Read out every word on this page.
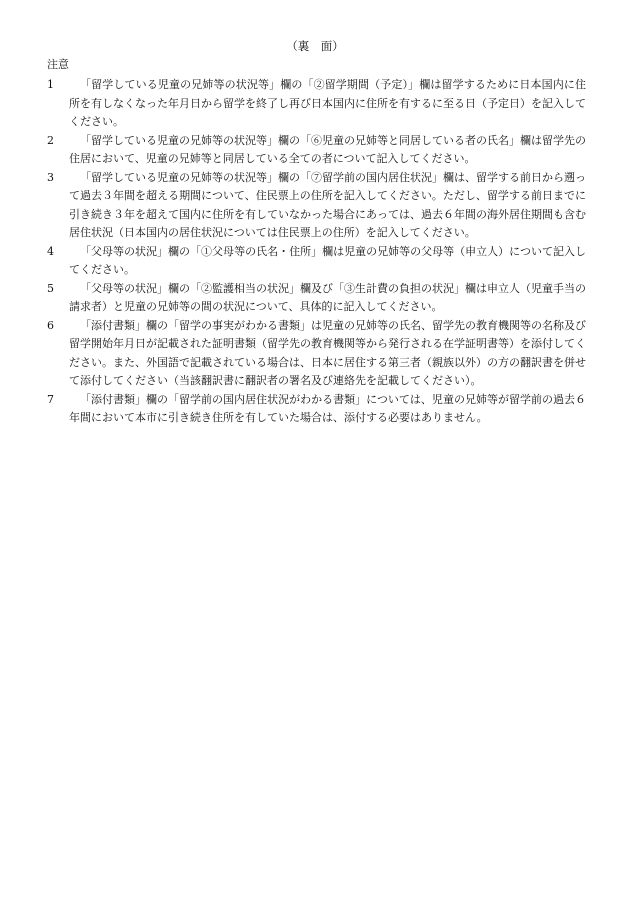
（裏　面）
注意
1	「留学している児童の兄姉等の状況等」欄の「②留学期間（予定）」欄は留学するために日本国内に住所を有しなくなった年月日から留学を終了し再び日本国内に住所を有するに至る日（予定日）を記入してください。
2	「留学している児童の兄姉等の状況等」欄の「⑥児童の兄姉等と同居している者の氏名」欄は留学先の住居において、児童の兄姉等と同居している全ての者について記入してください。
3	「留学している児童の兄姉等の状況等」欄の「⑦留学前の国内居住状況」欄は、留学する前日から遡って過去３年間を超える期間について、住民票上の住所を記入してください。ただし、留学する前日までに引き続き３年を超えて国内に住所を有していなかった場合にあっては、過去６年間の海外居住期間も含む居住状況（日本国内の居住状況については住民票上の住所）を記入してください。
4	「父母等の状況」欄の「①父母等の氏名・住所」欄は児童の兄姉等の父母等（申立人）について記入してください。
5	「父母等の状況」欄の「②監護相当の状況」欄及び「③生計費の負担の状況」欄は申立人（児童手当の請求者）と児童の兄姉等の間の状況について、具体的に記入してください。
6	「添付書類」欄の「留学の事実がわかる書類」は児童の兄姉等の氏名、留学先の教育機関等の名称及び留学開始年月日が記載された証明書類（留学先の教育機関等から発行される在学証明書等）を添付してください。また、外国語で記載されている場合は、日本に居住する第三者（親族以外）の方の翻訳書を併せて添付してください（当該翻訳書に翻訳者の署名及び連絡先を記載してください）。
7	「添付書類」欄の「留学前の国内居住状況がわかる書類」については、児童の兄姉等が留学前の過去６年間において本市に引き続き住所を有していた場合は、添付する必要はありません。
